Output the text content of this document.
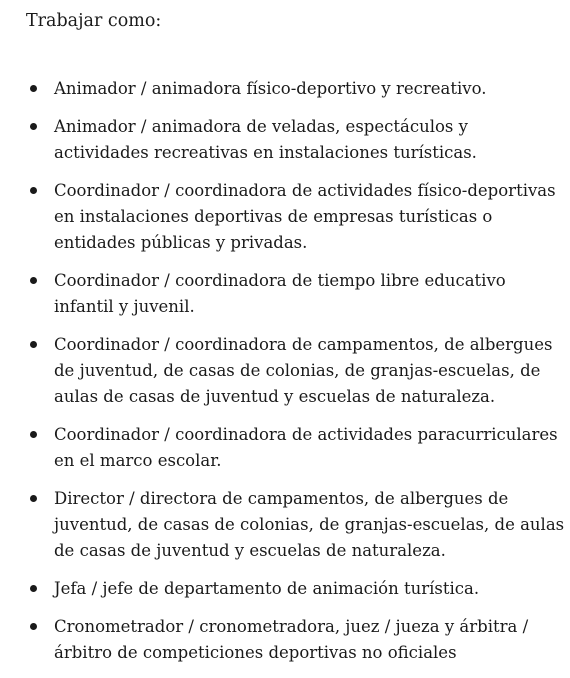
Trabajar como:

Animador / animadora físico-deportivo y recreativo.
Animador / animadora de veladas, espectáculos y
actividades recreativas en instalaciones turísticas.
Coordinador / coordinadora de actividades físico-deportivas
en instalaciones deportivas de empresas turísticas o
entidades públicas y privadas.
Coordinador / coordinadora de tiempo libre educativo
infantil y juvenil.
Coordinador / coordinadora de campamentos, de albergues
de juventud, de casas de colonias, de granjas-escuelas, de
aulas de casas de juventud y escuelas de naturaleza.
Coordinador / coordinadora de actividades paracurriculares
en el marco escolar.
Director / directora de campamentos, de albergues de
juventud, de casas de colonias, de granjas-escuelas, de aulas
de casas de juventud y escuelas de naturaleza.
Jefa / jefe de departamento de animación turística.
Cronometrador / cronometradora, juez / jueza y árbitra /
árbitro de competiciones deportivas no oficiales
